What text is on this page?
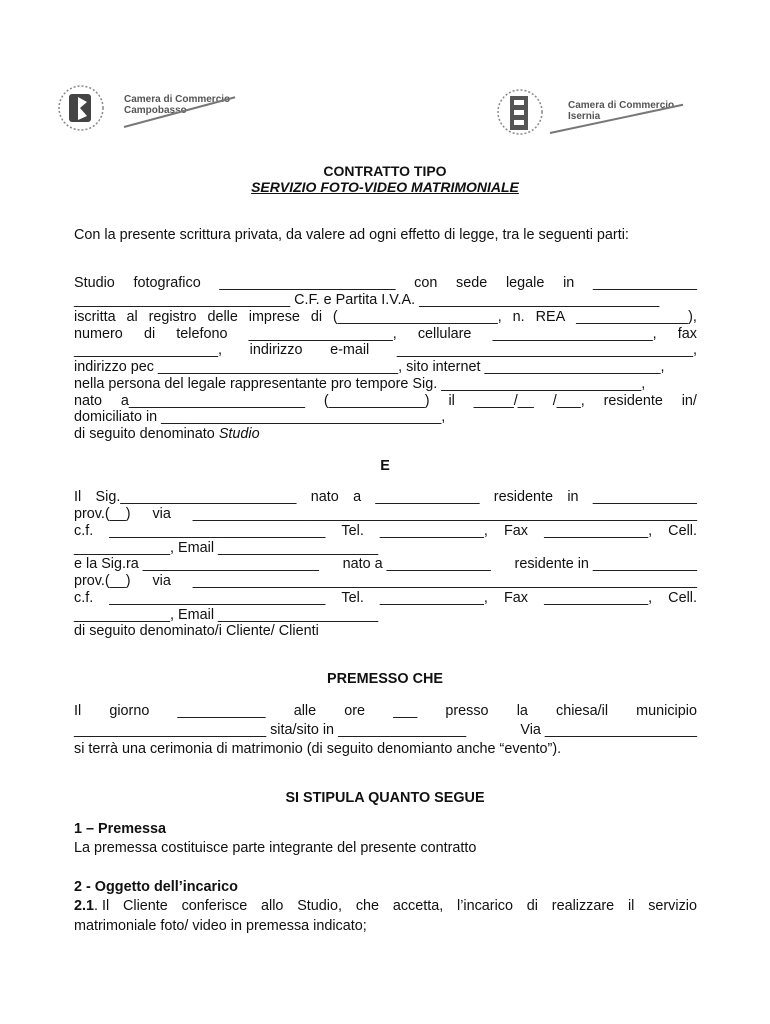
Camera di Commercio
Campobasso	Camera di Commercio
Isernia
CONTRATTO TIPO
SERVIZIO FOTO-VIDEO MATRIMONIALE
Con la presente scrittura privata, da valere ad ogni effetto di legge, tra le seguenti parti:
Studio fotografico ______________________ con sede legale in _____________
___________________________ C.F. e Partita I.V.A. ______________________________
iscritta al registro delle imprese di (____________________, n. REA ______________),
numero di telefono __________________, cellulare ____________________, fax
__________________, indirizzo e-mail _____________________________________,
indirizzo pec ______________________________, sito internet ______________________,
nella persona del legale rappresentante pro tempore Sig. _________________________,
nato a______________________ (____________) il _____/__ /___, residente in/
domiciliato in ___________________________________,
di seguito denominato Studio
E
Il Sig.______________________ nato a _____________ residente in _____________
prov.(__) via _______________________________________________________________
c.f. ___________________________ Tel. _____________, Fax _____________, Cell.
____________, Email ____________________
e la Sig.ra ______________________ nato a _____________ residente in _____________
prov.(__) via _______________________________________________________________
c.f. ___________________________ Tel. _____________, Fax _____________, Cell.
____________, Email ____________________
di seguito denominato/i Cliente/ Clienti
PREMESSO CHE
Il giorno ___________ alle ore ___ presso la chiesa/il municipio
________________________ sita/sito in ________________	Via ___________________
si terrà una cerimonia di matrimonio (di seguito denomianto anche “evento”).
SI STIPULA QUANTO SEGUE
1 – Premessa
La premessa costituisce parte integrante del presente contratto
2 - Oggetto dell’incarico
2.1. Il Cliente conferisce allo Studio, che accetta, l’incarico di realizzare il servizio
matrimoniale foto/ video in premessa indicato;
